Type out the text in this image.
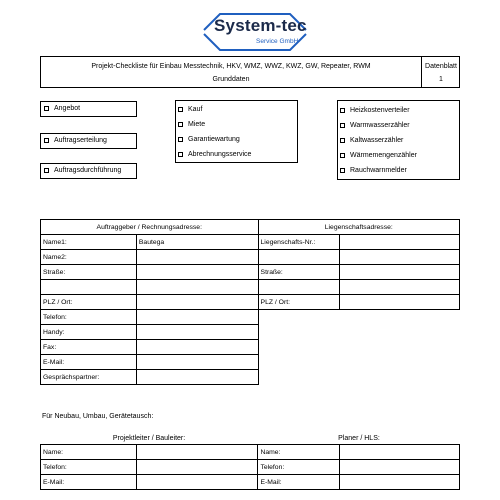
System-tec
Service GmbH
Projekt-Checkliste für Einbau Messtechnik, HKV, WMZ, WWZ, KWZ, GW, Repeater, RWM
Grunddaten
Datenblatt
1
Angebot
Auftragserteilung
Auftragsdurchführung
Kauf
Miete
Garantiewartung
Abrechnungsservice
Heizkostenverteiler
Warmwasserzähler
Kaltwasserzähler
Wärmemengenzähler
Rauchwarnmelder
Auftraggeber / Rechnungsadresse:		Liegenschaftsadresse:	
Name1:	Bautega	Liegenschafts-Nr.:	
Name2:			
Straße:		Straße:	

PLZ / Ort:		PLZ / Ort:	
Telefon:			
Handy:			
Fax:			
E-Mail:			
Gesprächspartner:			
Für Neubau, Umbau, Gerätetausch:
Projektleiter / Bauleiter:	Planer / HLS:
Name:		Name:	
Telefon:		Telefon:	
E-Mail:		E-Mail:	
